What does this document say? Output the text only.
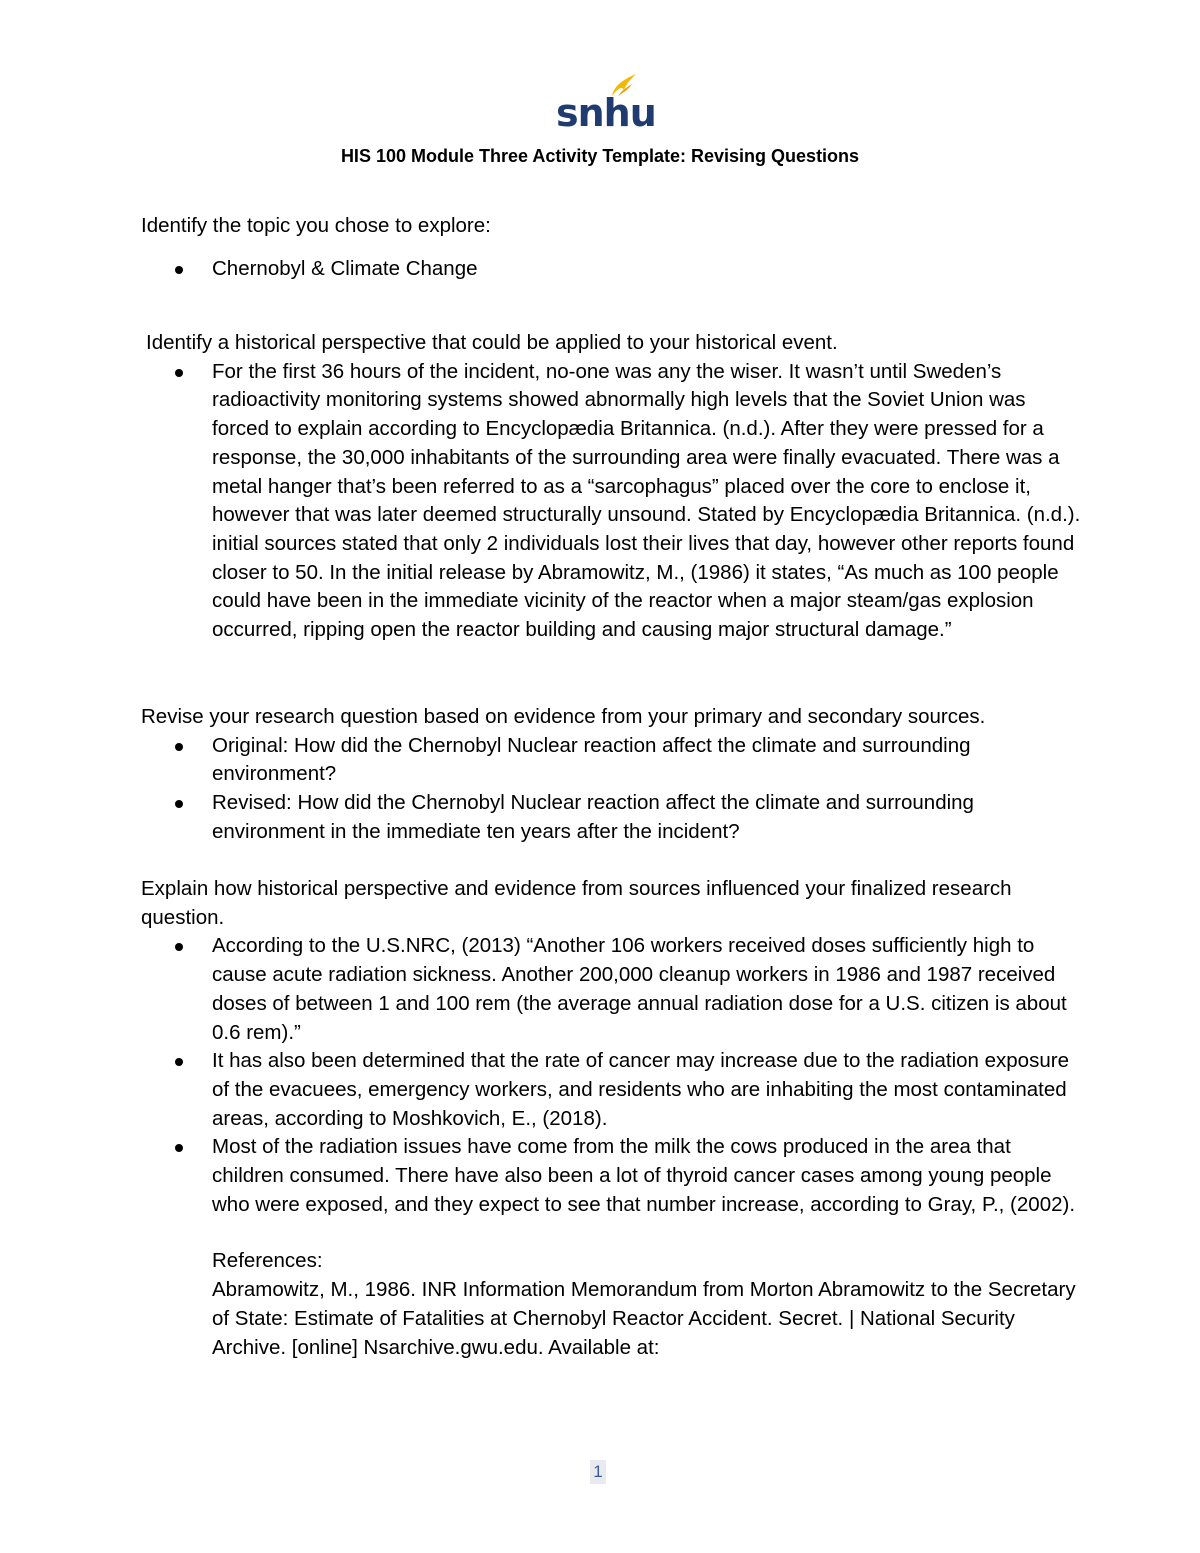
snhu
HIS 100 Module Three Activity Template: Revising Questions

Identify the topic you chose to explore:

Chernobyl & Climate Change

Identify a historical perspective that could be applied to your historical event.

For the first 36 hours of the incident, no-one was any the wiser. It wasn’t until Sweden’s radioactivity monitoring systems showed abnormally high levels that the Soviet Union was forced to explain according to Encyclopædia Britannica. (n.d.). After they were pressed for a response, the 30,000 inhabitants of the surrounding area were finally evacuated. There was a metal hanger that’s been referred to as a “sarcophagus” placed over the core to enclose it, however that was later deemed structurally unsound. Stated by Encyclopædia Britannica. (n.d.). initial sources stated that only 2 individuals lost their lives that day, however other reports found closer to 50. In the initial release by Abramowitz, M., (1986) it states, “As much as 100 people could have been in the immediate vicinity of the reactor when a major steam/gas explosion occurred, ripping open the reactor building and causing major structural damage.”

Revise your research question based on evidence from your primary and secondary sources.

Original: How did the Chernobyl Nuclear reaction affect the climate and surrounding environment?
Revised: How did the Chernobyl Nuclear reaction affect the climate and surrounding environment in the immediate ten years after the incident?

Explain how historical perspective and evidence from sources influenced your finalized research question.

According to the U.S.NRC, (2013) “Another 106 workers received doses sufficiently high to cause acute radiation sickness. Another 200,000 cleanup workers in 1986 and 1987 received doses of between 1 and 100 rem (the average annual radiation dose for a U.S. citizen is about 0.6 rem).”
It has also been determined that the rate of cancer may increase due to the radiation exposure of the evacuees, emergency workers, and residents who are inhabiting the most contaminated areas, according to Moshkovich, E., (2018).
Most of the radiation issues have come from the milk the cows produced in the area that children consumed. There have also been a lot of thyroid cancer cases among young people who were exposed, and they expect to see that number increase, according to Gray, P., (2002).

References:

Abramowitz, M., 1986. INR Information Memorandum from Morton Abramowitz to the Secretary of State: Estimate of Fatalities at Chernobyl Reactor Accident. Secret. | National Security Archive. [online] Nsarchive.gwu.edu. Available at:

1
